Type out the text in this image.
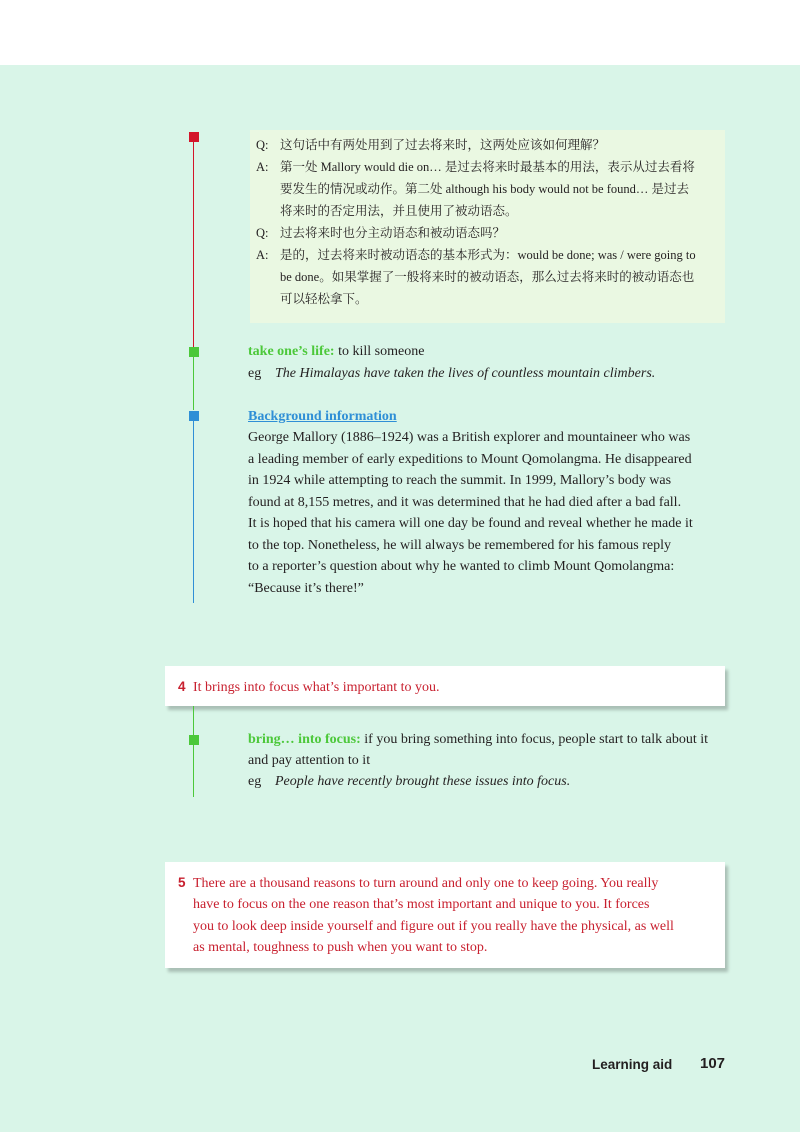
Q: 这句话中有两处用到了过去将来时，这两处应该如何理解？
A: 第一处 Mallory would die on… 是过去将来时最基本的用法，表示从过去看将
要发生的情况或动作。第二处 although his body would not be found… 是过去
将来时的否定用法，并且使用了被动语态。
Q: 过去将来时也分主动语态和被动语态吗？
A: 是的，过去将来时被动语态的基本形式为：would be done; was / were going to
be done。如果掌握了一般将来时的被动语态，那么过去将来时的被动语态也
可以轻松拿下。
take one’s life: to kill someone
eg The Himalayas have taken the lives of countless mountain climbers.
Background information
George Mallory (1886–1924) was a British explorer and mountaineer who was
a leading member of early expeditions to Mount Qomolangma. He disappeared
in 1924 while attempting to reach the summit. In 1999, Mallory’s body was
found at 8,155 metres, and it was determined that he had died after a bad fall.
It is hoped that his camera will one day be found and reveal whether he made it
to the top. Nonetheless, he will always be remembered for his famous reply
to a reporter’s question about why he wanted to climb Mount Qomolangma:
“Because it’s there!”
4 It brings into focus what’s important to you.
bring… into focus: if you bring something into focus, people start to talk about it
and pay attention to it
eg People have recently brought these issues into focus.
5 There are a thousand reasons to turn around and only one to keep going. You really
have to focus on the one reason that’s most important and unique to you. It forces
you to look deep inside yourself and figure out if you really have the physical, as well
as mental, toughness to push when you want to stop.
Learning aid 107
